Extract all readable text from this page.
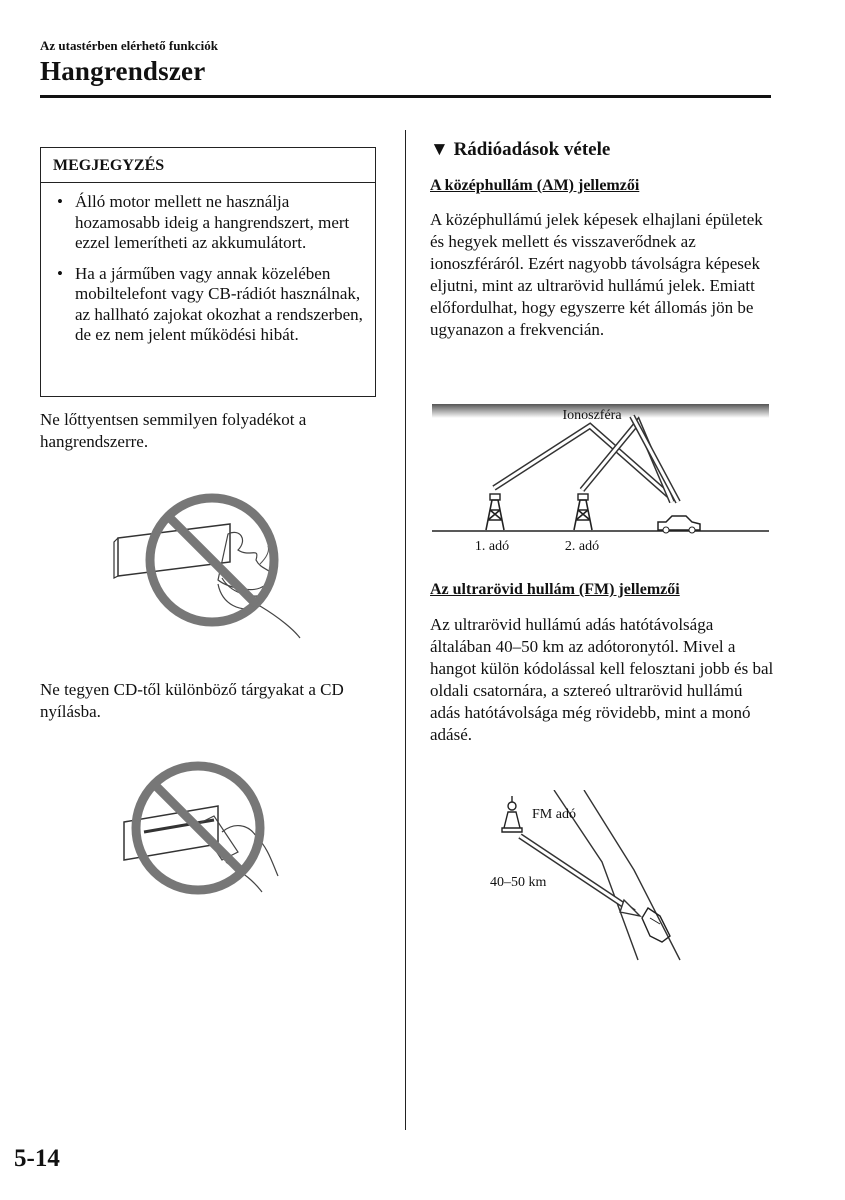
Az utastérben elérhető funkciók
Hangrendszer
MEGJEGYZÉS
• Álló motor mellett ne használja hozamosabb ideig a hangrendszert, mert ezzel lemerítheti az akkumulátort.
• Ha a járműben vagy annak közelében mobiltelefont vagy CB-rádiót használnak, az hallható zajokat okozhat a rendszerben, de ez nem jelent működési hibát.
Ne lőttyentsen semmilyen folyadékot a hangrendszerre.
Ne tegyen CD-től különböző tárgyakat a CD nyílásba.
▼ Rádióadások vétele
A középhullám (AM) jellemzői
A középhullámú jelek képesek elhajlani épületek és hegyek mellett és visszaverődnek az ionoszféráról. Ezért nagyobb távolságra képesek eljutni, mint az ultrarövid hullámú jelek. Emiatt előfordulhat, hogy egyszerre két állomás jön be ugyanazon a frekvencián.
Ionoszféra
1. adó	2. adó
Az ultrarövid hullám (FM) jellemzői
Az ultrarövid hullámú adás hatótávolsága általában 40–50 km az adótoronytól. Mivel a hangot külön kódolással kell felosztani jobb és bal oldali csatornára, a sztereó ultrarövid hullámú adás hatótávolsága még rövidebb, mint a monó adásé.
FM adó
40–50 km
5-14
